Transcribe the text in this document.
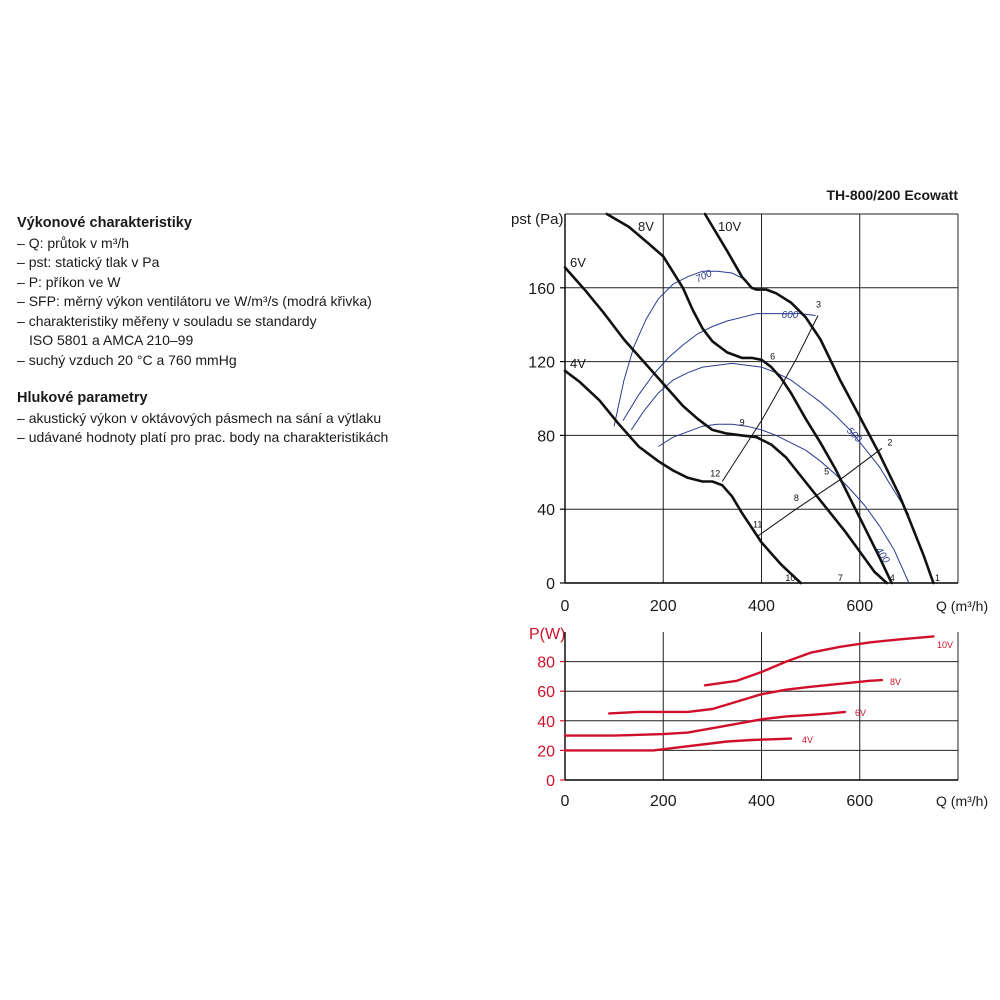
Výkonové charakteristiky

– Q: průtok v m³/h
– pst: statický tlak v Pa
– P: příkon ve W
– SFP: měrný výkon ventilátoru ve W/m³/s (modrá křivka)
– charakteristiky měřeny v souladu se standardy
ISO 5801 a AMCA 210–99
– suchý vzduch 20 °C a 760 mmHg

Hlukové parametry

– akustický výkon v oktávových pásmech na sání a výtlaku
– udávané hodnoty platí pro prac. body na charakteristikách
TH-800/200 Ecowatt
0
40
80
120
160
0	200	400	600
pst (Pa)
Q (m³/h)
700
600
500
400
10V
8V
6V
4V
1
2
3
4
5
6
7
8
9
10
11
12
0
20
40
60
80
0	200	400	600
P(W)
Q (m³/h)
10V
8V
6V
4V
